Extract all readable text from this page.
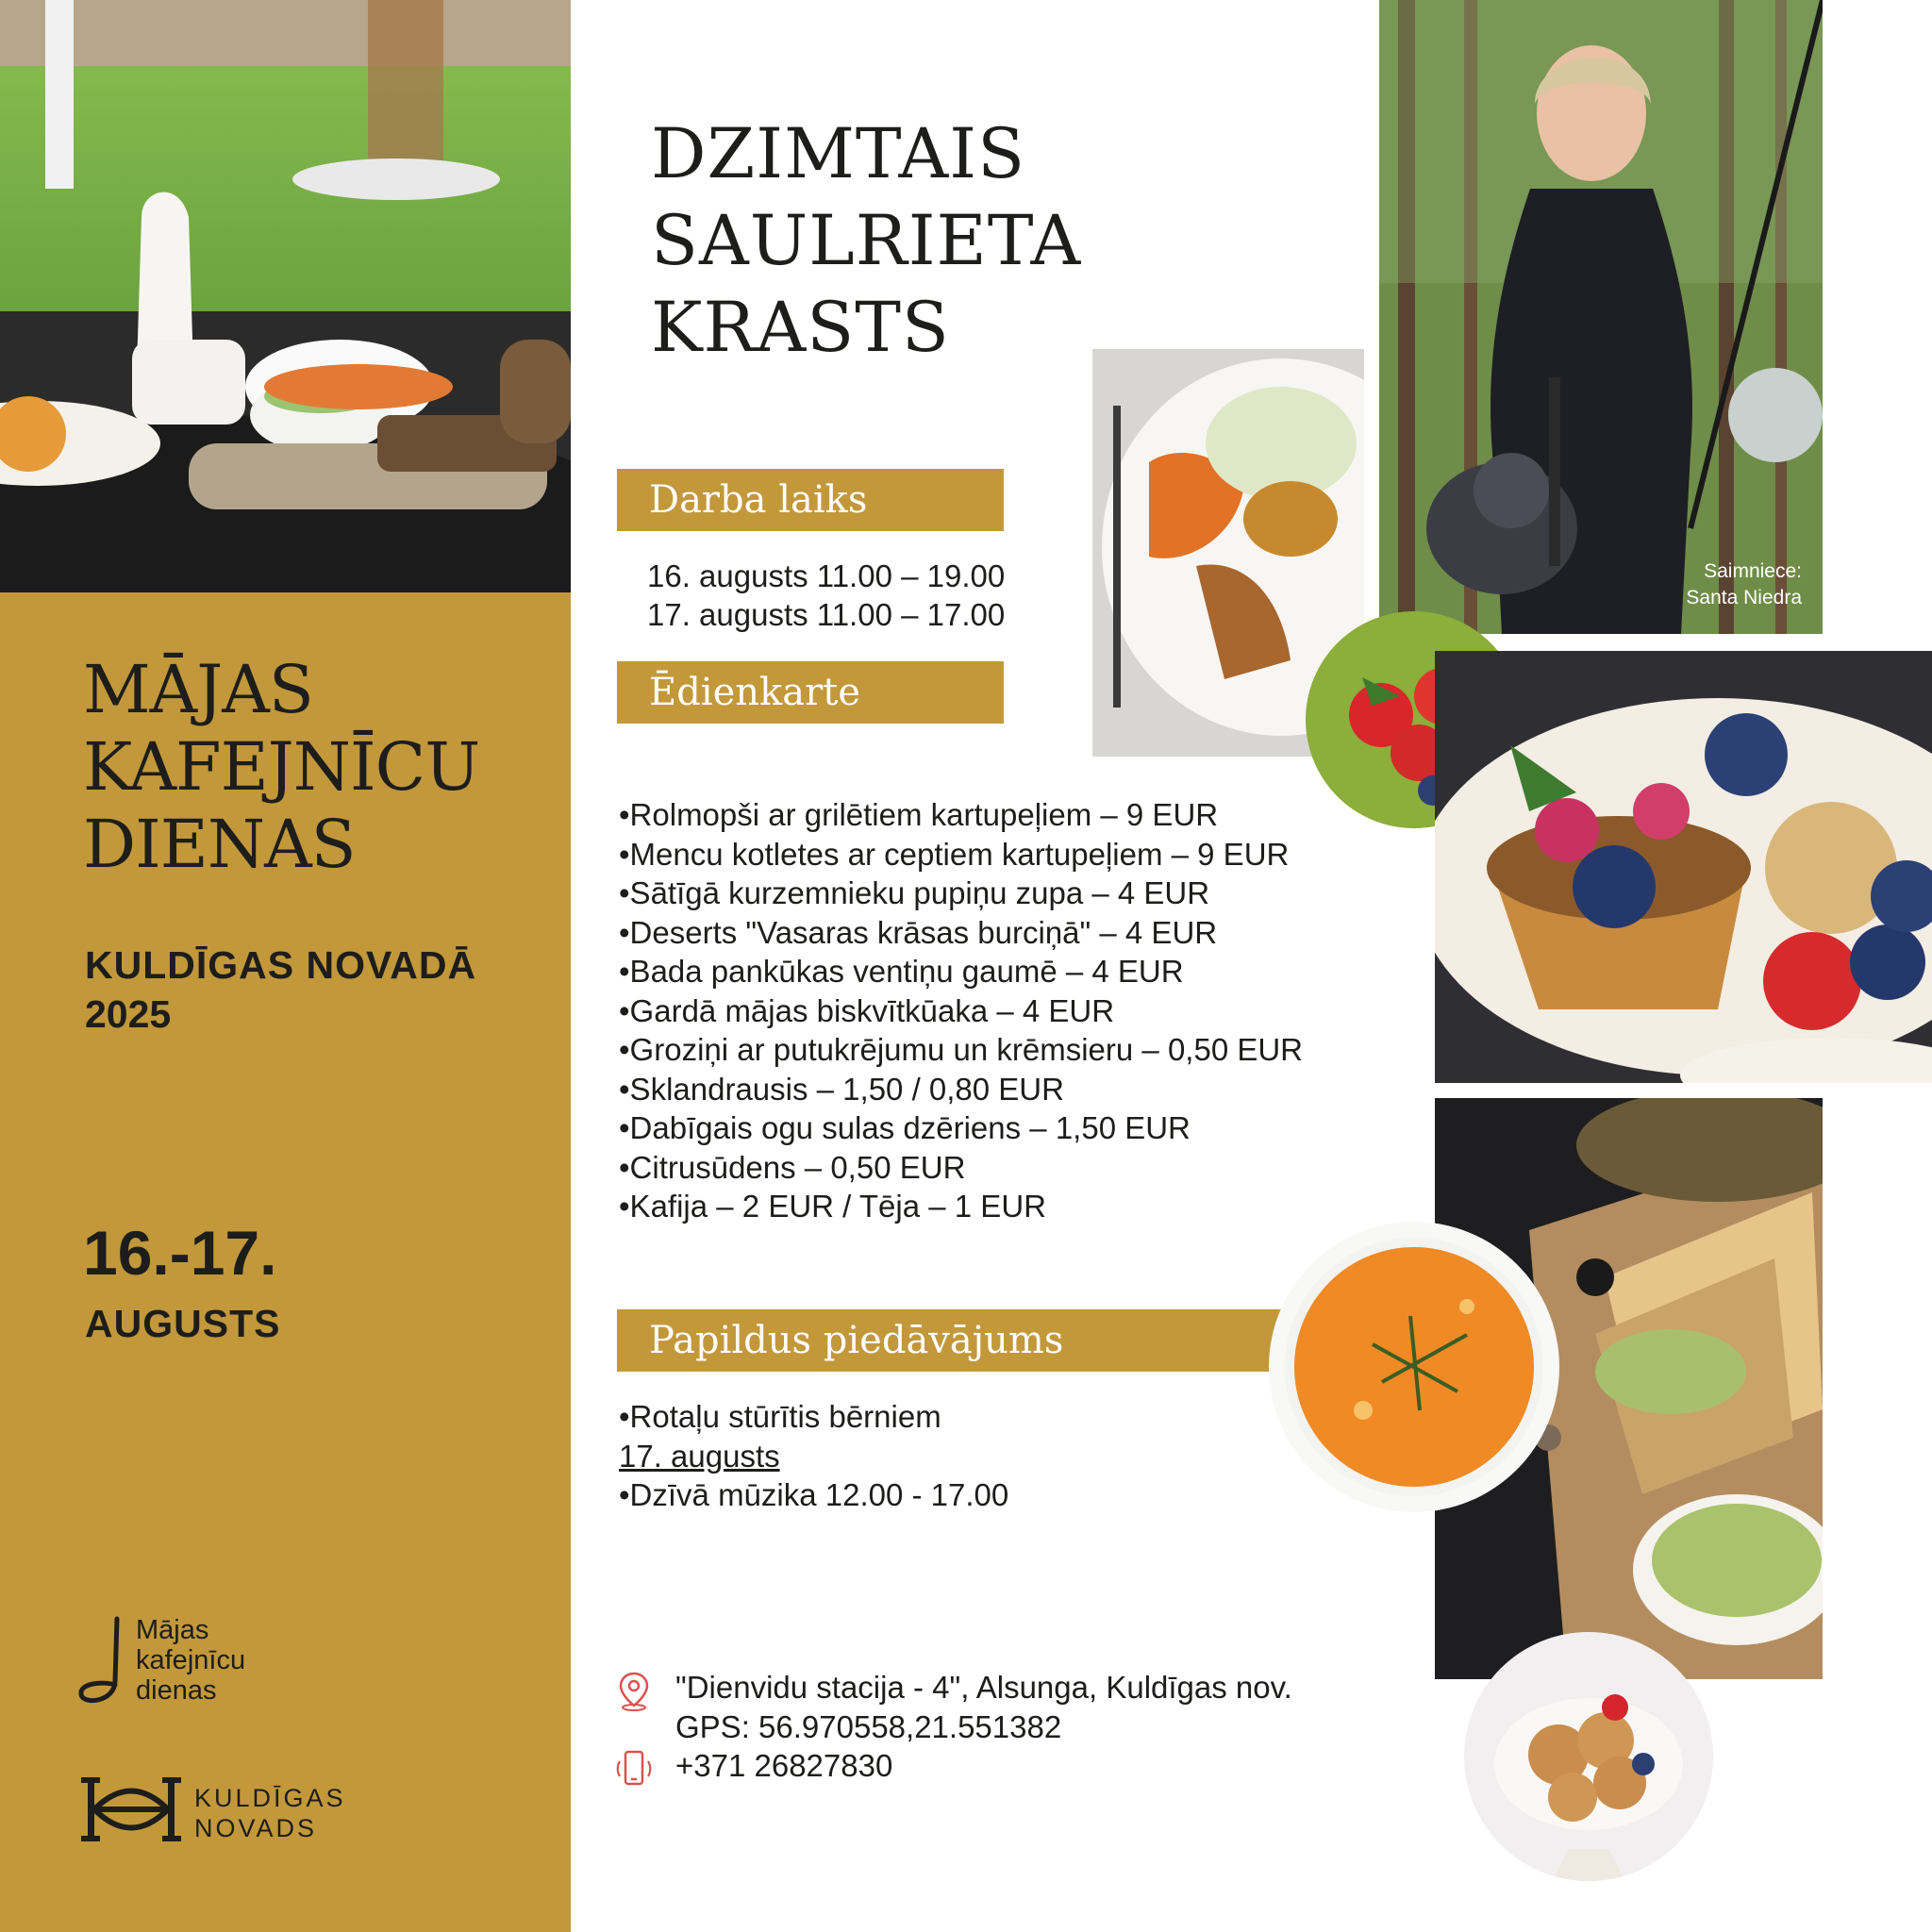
MĀJAS
KAFEJNĪCU
DIENAS
KULDĪGAS NOVADĀ
2025
16.-17.
AUGUSTS
Mājas
kafejnīcu
dienas
KULDĪGAS
NOVADS
DZIMTAIS
SAULRIETA
KRASTS
Darba laiks
16. augusts 11.00 – 19.00
17. augusts 11.00 – 17.00
Ēdienkarte
•Rolmopši ar grilētiem kartupeļiem – 9 EUR
•Mencu kotletes ar ceptiem kartupeļiem – 9 EUR
•Sātīgā kurzemnieku pupiņu zupa – 4 EUR
•Deserts "Vasaras krāsas burciņā" – 4 EUR
•Bada pankūkas ventiņu gaumē – 4 EUR
•Gardā mājas biskvītkūaka – 4 EUR
•Groziņi ar putukrējumu un krēmsieru – 0,50 EUR
•Sklandrausis – 1,50 / 0,80 EUR
•Dabīgais ogu sulas dzēriens – 1,50 EUR
•Citrusūdens – 0,50 EUR
•Kafija – 2 EUR / Tēja – 1 EUR
Papildus piedāvājums
•Rotaļu stūrītis bērniem
17. augusts
•Dzīvā mūzika 12.00 - 17.00
"Dienvidu stacija - 4", Alsunga, Kuldīgas nov.
GPS: 56.970558,21.551382
+371 26827830
Saimniece:
Santa Niedra
